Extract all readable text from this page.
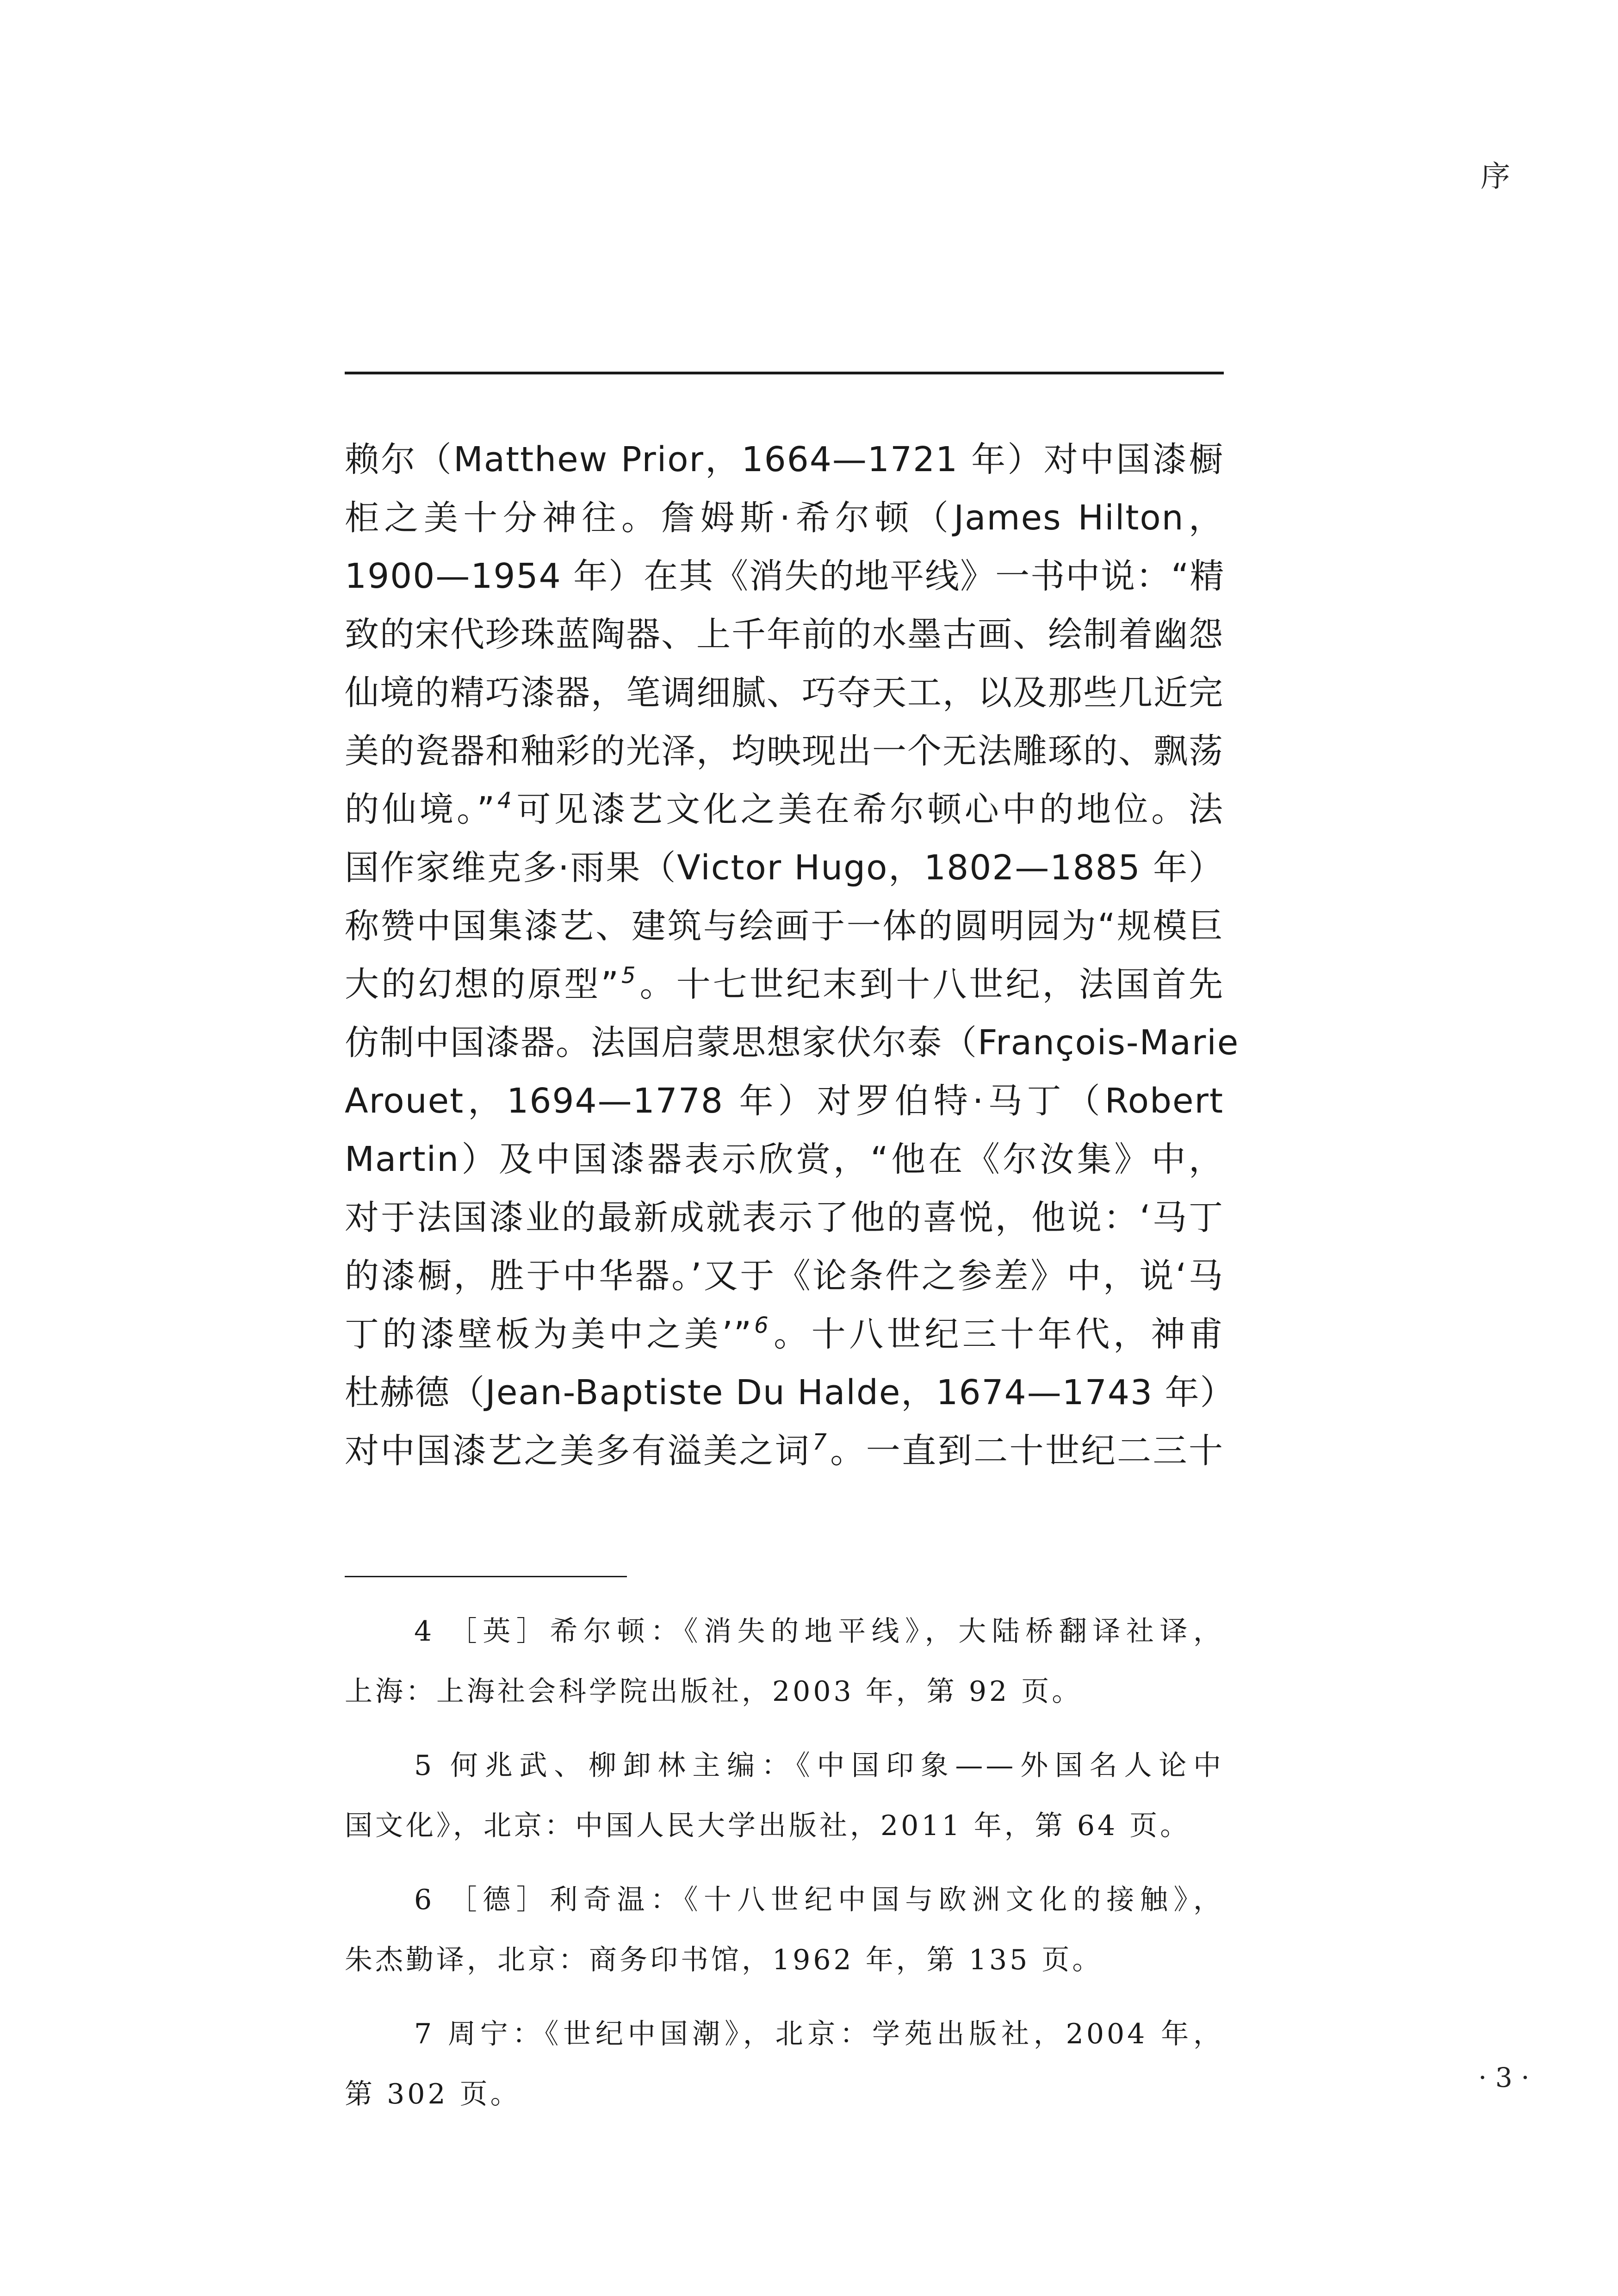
序
赖尔（Matthew Prior，1664—1721 年）对中国漆橱
柜之美十分神往。詹姆斯·希尔顿（James Hilton，
1900—1954 年）在其《消失的地平线》一书中说：“精
致的宋代珍珠蓝陶器、上千年前的水墨古画、绘制着幽怨
仙境的精巧漆器，笔调细腻、巧夺天工，以及那些几近完
美的瓷器和釉彩的光泽，均映现出一个无法雕琢的、飘荡
的仙境。”$^4$可见漆艺文化之美在希尔顿心中的地位。法
国作家维克多·雨果（Victor Hugo，1802—1885 年）
称赞中国集漆艺、建筑与绘画于一体的圆明园为“规模巨
大的幻想的原型”$^5$。十七世纪末到十八世纪，法国首先
仿制中国漆器。法国启蒙思想家伏尔泰（François-Marie
Arouet，1694—1778 年）对罗伯特·马丁（Robert
Martin）及中国漆器表示欣赏，“他在《尔汝集》中，
对于法国漆业的最新成就表示了他的喜悦，他说：‘马丁
的漆橱，胜于中华器。’又于《论条件之参差》中，说‘马
丁的漆壁板为美中之美’”$^6$。十八世纪三十年代，神甫
杜赫德（Jean-Baptiste Du Halde，1674—1743 年）
对中国漆艺之美多有溢美之词$^7$。一直到二十世纪二三十
4 ［英］希尔顿：《消失的地平线》，大陆桥翻译社译，
上海：上海社会科学院出版社，2003 年，第 92 页。
5 何兆武、柳卸林主编：《中国印象——外国名人论中
国文化》，北京：中国人民大学出版社，2011 年，第 64 页。
6 ［德］利奇温：《十八世纪中国与欧洲文化的接触》，
朱杰勤译，北京：商务印书馆，1962 年，第 135 页。
7 周宁：《世纪中国潮》，北京：学苑出版社，2004 年，
第 302 页。
· 3 ·
